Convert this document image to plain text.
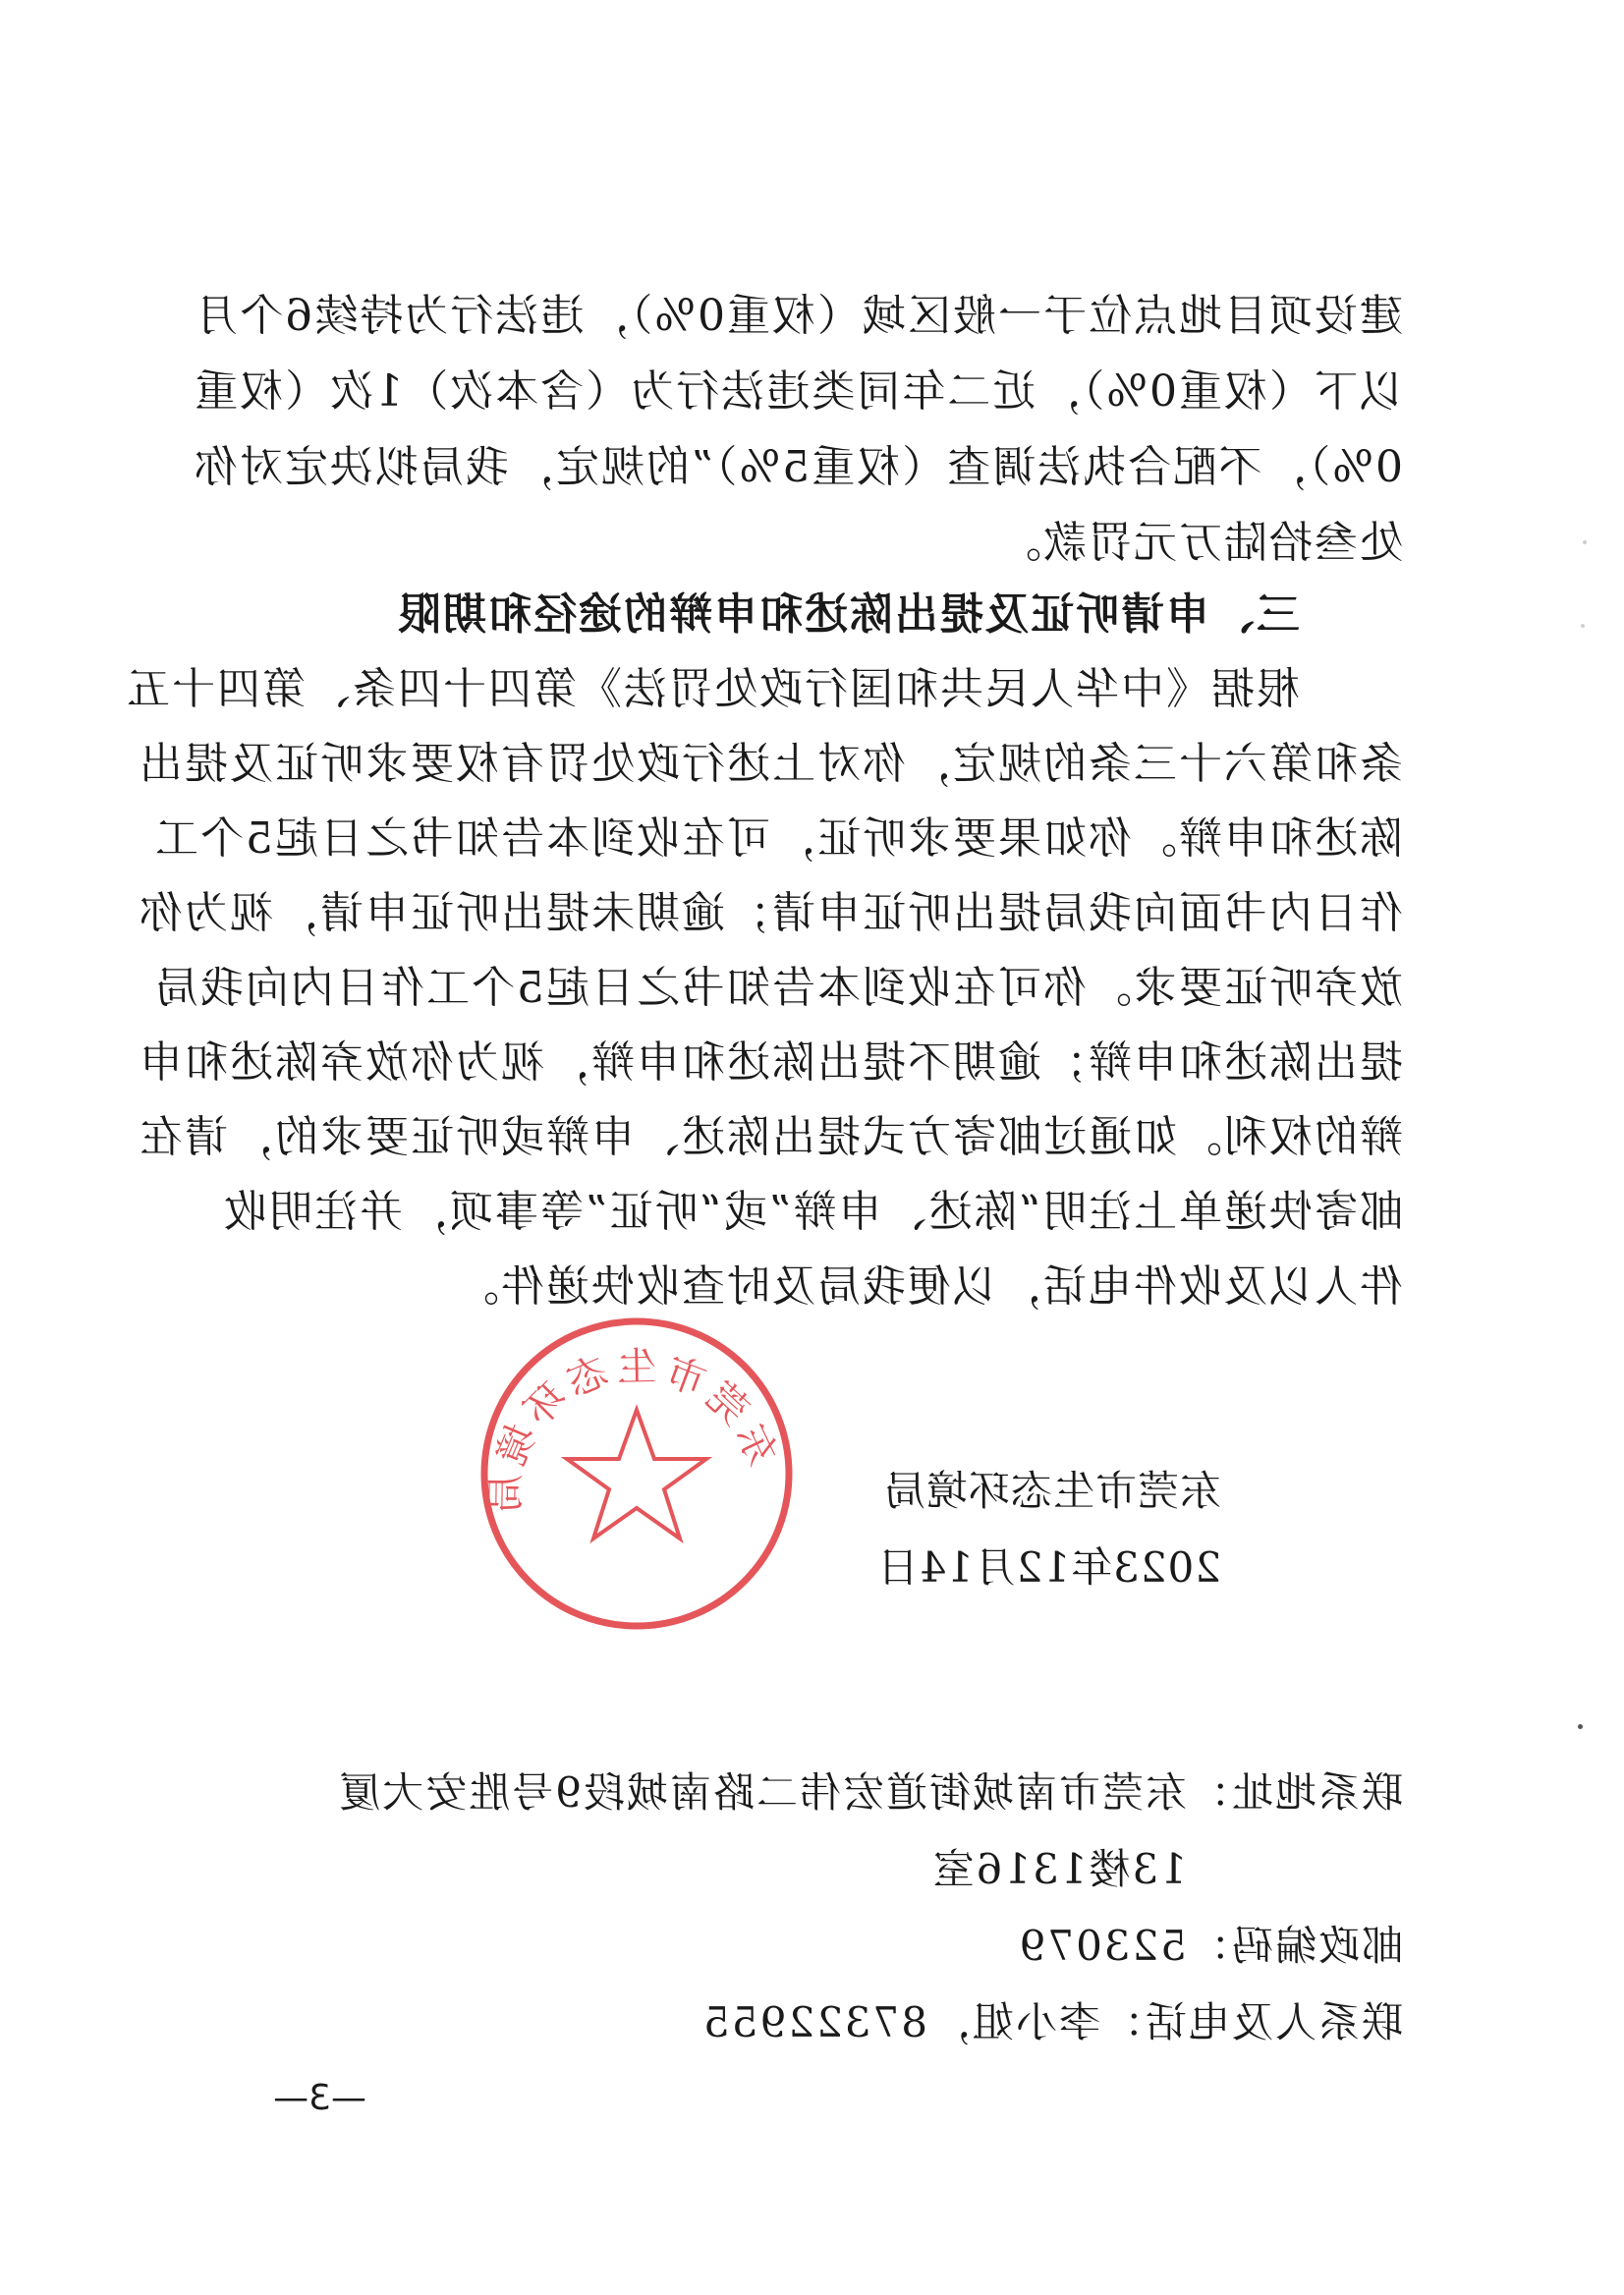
建设项目地点位于一般区域（权重0%），违法行为持续6个月
以下（权重0%），近二年同类违法行为（含本次）1次（权重
0%），不配合执法调查（权重5%）”的规定，我局拟决定对你
处叁拾陆万元罚款。
三、申请听证及提出陈述和申辩的途径和期限
根据《中华人民共和国行政处罚法》第四十四条、第四十五
条和第六十三条的规定，你对上述行政处罚有权要求听证及提出
陈述和申辩。你如果要求听证，可在收到本告知书之日起5个工
作日内书面向我局提出听证申请；逾期未提出听证申请，视为你
放弃听证要求。你可在收到本告知书之日起5个工作日内向我局
提出陈述和申辩；逾期不提出陈述和申辩，视为你放弃陈述和申
辩的权利。如通过邮寄方式提出陈述、申辩或听证要求的，请在
邮寄快递单上注明“陈述、申辩”或“听证”等事项，并注明收
件人以及收件电话，以便我局及时查收快递件。
东莞市生态环境局	东莞市生态环境局
2023年12月14日
联系地址：东莞市南城街道宏伟二路南城段9号胜安大厦
13楼1316室
邮政编码：523079
联系人及电话：李小姐，87322955
—3—
